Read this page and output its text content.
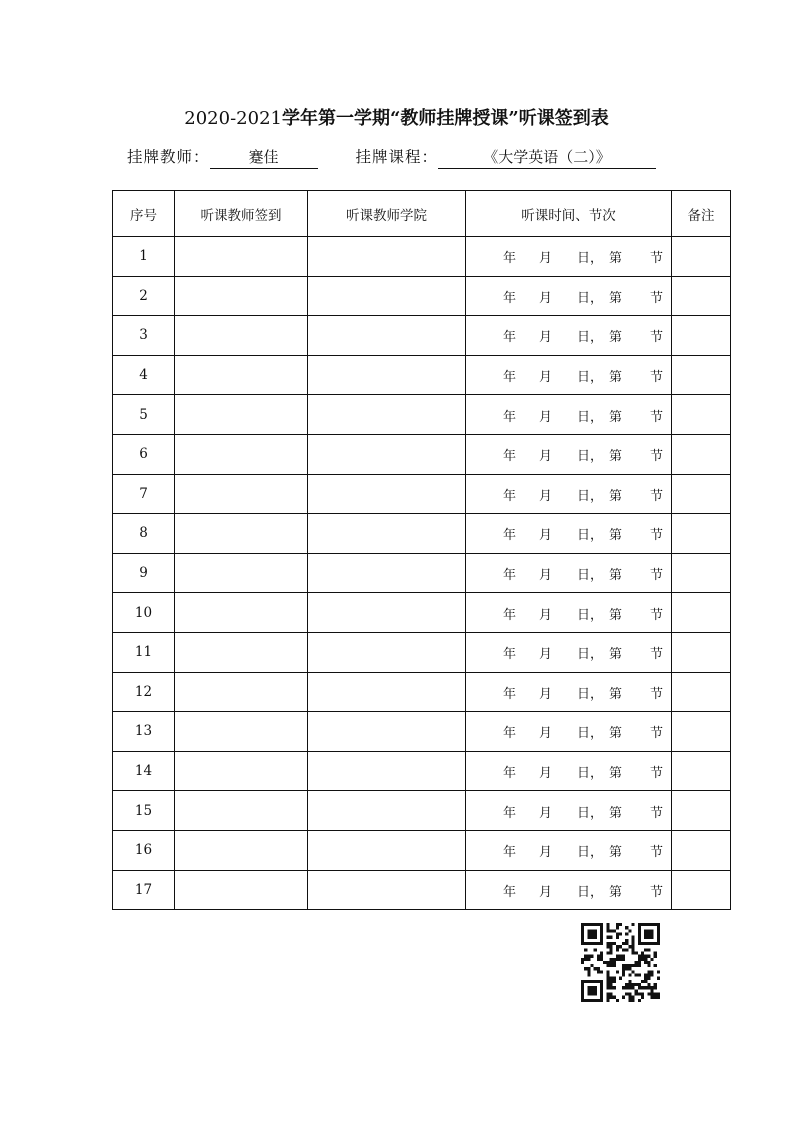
2020-2021学年第一学期“教师挂牌授课”听课签到表
挂牌教师：	蹇佳	挂牌课程：	《大学英语（二）》
序号	听课教师签到	听课教师学院	听课时间、节次	备注
1			年 月 日， 第 节	

2			年 月 日， 第 节	

3			年 月 日， 第 节	

4			年 月 日， 第 节	

5			年 月 日， 第 节	

6			年 月 日， 第 节	

7			年 月 日， 第 节	

8			年 月 日， 第 节	

9			年 月 日， 第 节	

10			年 月 日， 第 节	

11			年 月 日， 第 节	

12			年 月 日， 第 节	

13			年 月 日， 第 节	

14			年 月 日， 第 节	

15			年 月 日， 第 节	

16			年 月 日， 第 节	

17			年 月 日， 第 节	
